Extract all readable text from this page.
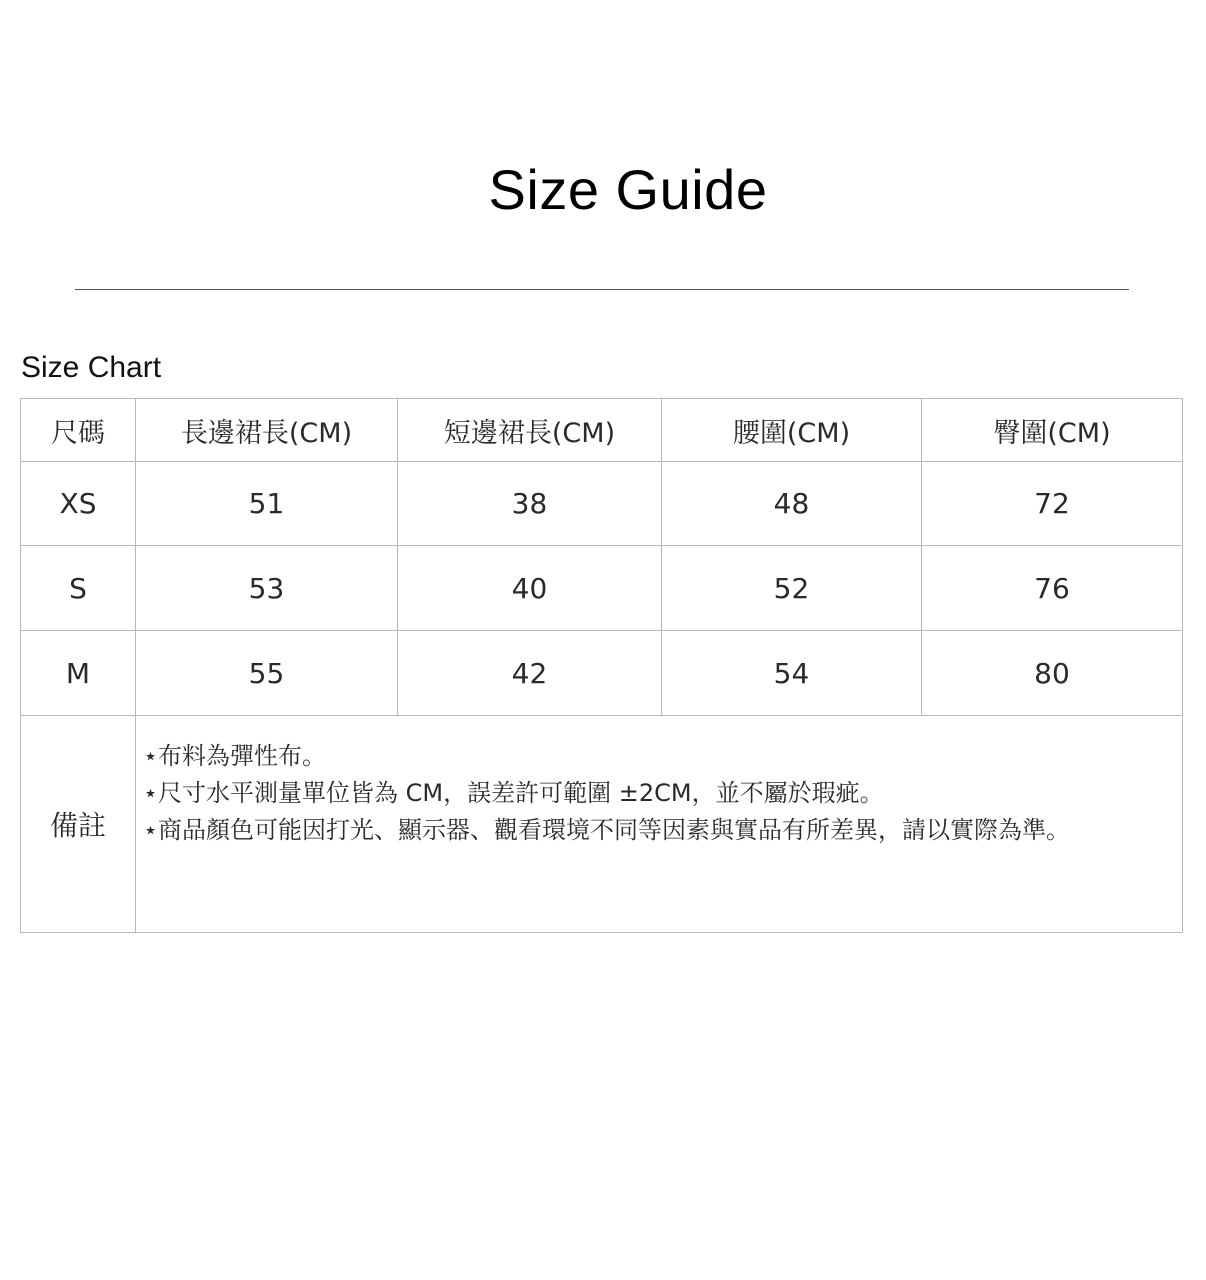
Size Guide
Size Chart
尺碼	長邊裙長(CM)	短邊裙長(CM)	腰圍(CM)	臀圍(CM)
XS	51	38	48	72
S	53	40	52	76
M	55	42	54	80
備註	⋆布料為彈性布。
⋆尺寸水平測量單位皆為 CM，誤差許可範圍 ±2CM，並不屬於瑕疵。
⋆商品顏色可能因打光、顯示器、觀看環境不同等因素與實品有所差異，請以實際為準。			
